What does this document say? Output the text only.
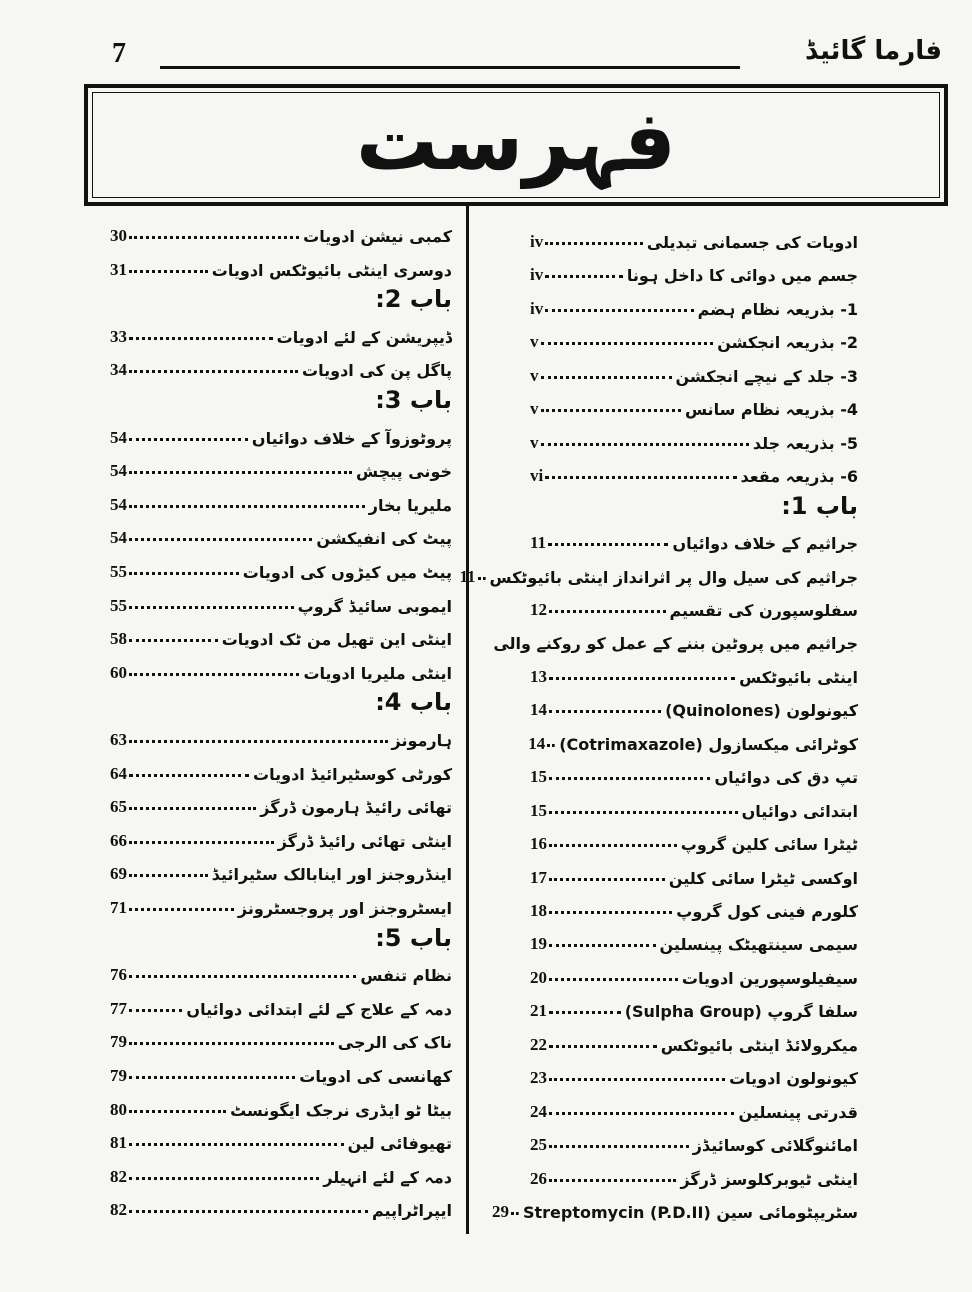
7	فارما گائیڈ
فہرست
ادویات کی جسمانی تبدیلی
iv
جسم میں دوائی کا داخل ہونا
iv
1- بذریعہ نظام ہضم
iv
2- بذریعہ انجکشن
v
3- جلد کے نیچے انجکشن
v
4- بذریعہ نظام سانس
v
5- بذریعہ جلد
v
6- بذریعہ مقعد
vi
باب 1:
جراثیم کے خلاف دوائیاں
11
جراثیم کی سیل وال پر اثرانداز اینٹی بائیوٹکس
11
سفلوسپورن کی تقسیم
12
جراثیم میں پروٹین بننے کے عمل کو روکنے والی
اینٹی بائیوٹکس
13
کیونولون (Quinolones)
14
کوٹرائی میکسازول (Cotrimaxazole)
14
تپ دق کی دوائیاں
15
ابتدائی دوائیاں
15
ٹیٹرا سائی کلین گروپ
16
اوکسی ٹیٹرا سائی کلین
17
کلورم فینی کول گروپ
18
سیمی سینتھیٹک پینسلین
19
سیفیلوسپورین ادویات
20
سلفا گروپ (Sulpha Group)
21
میکرولائڈ اینٹی بائیوٹکس
22
کیونولون ادویات
23
قدرتی پینسلین
24
امائنوگلائی کوسائیڈز
25
اینٹی ٹیوبرکلوسز ڈرگز
26
سٹریپٹومائی سین Streptomycin (P.D.II)
29
کمبی نیشن ادویات
30
دوسری اینٹی بائیوٹکس ادویات
31
باب 2:
ڈیپریشن کے لئے ادویات
33
پاگل پن کی ادویات
34
باب 3:
پروٹوزوآ کے خلاف دوائیاں
54
خونی پیچش
54
ملیریا بخار
54
پیٹ کی انفیکشن
54
پیٹ میں کیڑوں کی ادویات
55
ایموبی سائیڈ گروپ
55
اینٹی این تھیل من ٹک ادویات
58
اینٹی ملیریا ادویات
60
باب 4:
ہارمونز
63
کورٹی کوسٹیرائیڈ ادویات
64
تھائی رائیڈ ہارمون ڈرگز
65
اینٹی تھائی رائیڈ ڈرگز
66
اینڈروجنز اور اینابالک سٹیرائیڈ
69
ایسٹروجنز اور پروجسٹرونز
71
باب 5:
نظام تنفس
76
دمہ کے علاج کے لئے ابتدائی دوائیاں
77
ناک کی الرجی
79
کھانسی کی ادویات
79
بیٹا ٹو ایڈری نرجک ایگونسٹ
80
تھیوفائی لین
81
دمہ کے لئے انہیلر
82
ایپراٹراپیم
82
